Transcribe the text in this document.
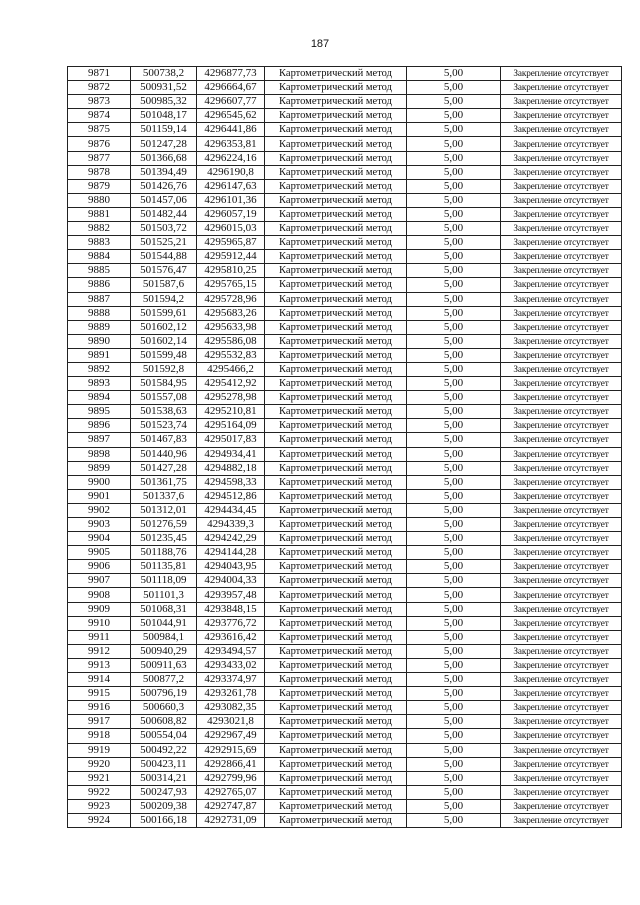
187
9871	500738,2	4296877,73	Картометрический метод	5,00	Закрепление отсутствует
9872	500931,52	4296664,67	Картометрический метод	5,00	Закрепление отсутствует
9873	500985,32	4296607,77	Картометрический метод	5,00	Закрепление отсутствует
9874	501048,17	4296545,62	Картометрический метод	5,00	Закрепление отсутствует
9875	501159,14	4296441,86	Картометрический метод	5,00	Закрепление отсутствует
9876	501247,28	4296353,81	Картометрический метод	5,00	Закрепление отсутствует
9877	501366,68	4296224,16	Картометрический метод	5,00	Закрепление отсутствует
9878	501394,49	4296190,8	Картометрический метод	5,00	Закрепление отсутствует
9879	501426,76	4296147,63	Картометрический метод	5,00	Закрепление отсутствует
9880	501457,06	4296101,36	Картометрический метод	5,00	Закрепление отсутствует
9881	501482,44	4296057,19	Картометрический метод	5,00	Закрепление отсутствует
9882	501503,72	4296015,03	Картометрический метод	5,00	Закрепление отсутствует
9883	501525,21	4295965,87	Картометрический метод	5,00	Закрепление отсутствует
9884	501544,88	4295912,44	Картометрический метод	5,00	Закрепление отсутствует
9885	501576,47	4295810,25	Картометрический метод	5,00	Закрепление отсутствует
9886	501587,6	4295765,15	Картометрический метод	5,00	Закрепление отсутствует
9887	501594,2	4295728,96	Картометрический метод	5,00	Закрепление отсутствует
9888	501599,61	4295683,26	Картометрический метод	5,00	Закрепление отсутствует
9889	501602,12	4295633,98	Картометрический метод	5,00	Закрепление отсутствует
9890	501602,14	4295586,08	Картометрический метод	5,00	Закрепление отсутствует
9891	501599,48	4295532,83	Картометрический метод	5,00	Закрепление отсутствует
9892	501592,8	4295466,2	Картометрический метод	5,00	Закрепление отсутствует
9893	501584,95	4295412,92	Картометрический метод	5,00	Закрепление отсутствует
9894	501557,08	4295278,98	Картометрический метод	5,00	Закрепление отсутствует
9895	501538,63	4295210,81	Картометрический метод	5,00	Закрепление отсутствует
9896	501523,74	4295164,09	Картометрический метод	5,00	Закрепление отсутствует
9897	501467,83	4295017,83	Картометрический метод	5,00	Закрепление отсутствует
9898	501440,96	4294934,41	Картометрический метод	5,00	Закрепление отсутствует
9899	501427,28	4294882,18	Картометрический метод	5,00	Закрепление отсутствует
9900	501361,75	4294598,33	Картометрический метод	5,00	Закрепление отсутствует
9901	501337,6	4294512,86	Картометрический метод	5,00	Закрепление отсутствует
9902	501312,01	4294434,45	Картометрический метод	5,00	Закрепление отсутствует
9903	501276,59	4294339,3	Картометрический метод	5,00	Закрепление отсутствует
9904	501235,45	4294242,29	Картометрический метод	5,00	Закрепление отсутствует
9905	501188,76	4294144,28	Картометрический метод	5,00	Закрепление отсутствует
9906	501135,81	4294043,95	Картометрический метод	5,00	Закрепление отсутствует
9907	501118,09	4294004,33	Картометрический метод	5,00	Закрепление отсутствует
9908	501101,3	4293957,48	Картометрический метод	5,00	Закрепление отсутствует
9909	501068,31	4293848,15	Картометрический метод	5,00	Закрепление отсутствует
9910	501044,91	4293776,72	Картометрический метод	5,00	Закрепление отсутствует
9911	500984,1	4293616,42	Картометрический метод	5,00	Закрепление отсутствует
9912	500940,29	4293494,57	Картометрический метод	5,00	Закрепление отсутствует
9913	500911,63	4293433,02	Картометрический метод	5,00	Закрепление отсутствует
9914	500877,2	4293374,97	Картометрический метод	5,00	Закрепление отсутствует
9915	500796,19	4293261,78	Картометрический метод	5,00	Закрепление отсутствует
9916	500660,3	4293082,35	Картометрический метод	5,00	Закрепление отсутствует
9917	500608,82	4293021,8	Картометрический метод	5,00	Закрепление отсутствует
9918	500554,04	4292967,49	Картометрический метод	5,00	Закрепление отсутствует
9919	500492,22	4292915,69	Картометрический метод	5,00	Закрепление отсутствует
9920	500423,11	4292866,41	Картометрический метод	5,00	Закрепление отсутствует
9921	500314,21	4292799,96	Картометрический метод	5,00	Закрепление отсутствует
9922	500247,93	4292765,07	Картометрический метод	5,00	Закрепление отсутствует
9923	500209,38	4292747,87	Картометрический метод	5,00	Закрепление отсутствует
9924	500166,18	4292731,09	Картометрический метод	5,00	Закрепление отсутствует
